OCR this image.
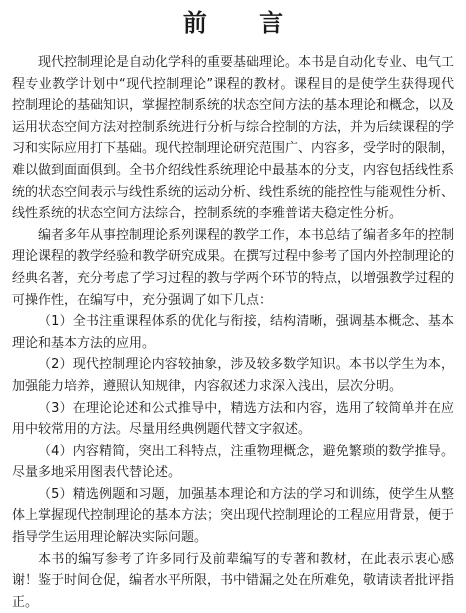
前 言

现代控制理论是自动化学科的重要基础理论。本书是自动化专业、电气工程专业教学计划中“现代控制理论”课程的教材。课程目的是使学生获得现代控制理论的基础知识，掌握控制系统的状态空间方法的基本理论和概念，以及运用状态空间方法对控制系统进行分析与综合控制的方法，并为后续课程的学习和实际应用打下基础。现代控制理论研究范围广、内容多，受学时的限制，难以做到面面俱到。全书介绍线性系统理论中最基本的分支，内容包括线性系统的状态空间表示与线性系统的运动分析、线性系统的能控性与能观性分析、线性系统的状态空间方法综合，控制系统的李雅普诺夫稳定性分析。

编者多年从事控制理论系列课程的教学工作，本书总结了编者多年的控制理论课程的教学经验和教学研究成果。在撰写过程中参考了国内外控制理论的经典名著，充分考虑了学习过程的教与学两个环节的特点，以增强教学过程的可操作性，在编写中，充分强调了如下几点：

（1）全书注重课程体系的优化与衔接，结构清晰，强调基本概念、基本理论和基本方法的应用。

（2）现代控制理论内容较抽象，涉及较多数学知识。本书以学生为本，加强能力培养，遵照认知规律，内容叙述力求深入浅出，层次分明。

（3）在理论论述和公式推导中，精选方法和内容，选用了较简单并在应用中较常用的方法。尽量用经典例题代替文字叙述。

（4）内容精简，突出工科特点，注重物理概念，避免繁琐的数学推导。尽量多地采用图表代替论述。

（5）精选例题和习题，加强基本理论和方法的学习和训练，使学生从整体上掌握现代控制理论的基本方法；突出现代控制理论的工程应用背景，便于指导学生运用理论解决实际问题。

本书的编写参考了许多同行及前辈编写的专著和教材，在此表示衷心感谢！鉴于时间仓促，编者水平所限，书中错漏之处在所难免，敬请读者批评指正。
